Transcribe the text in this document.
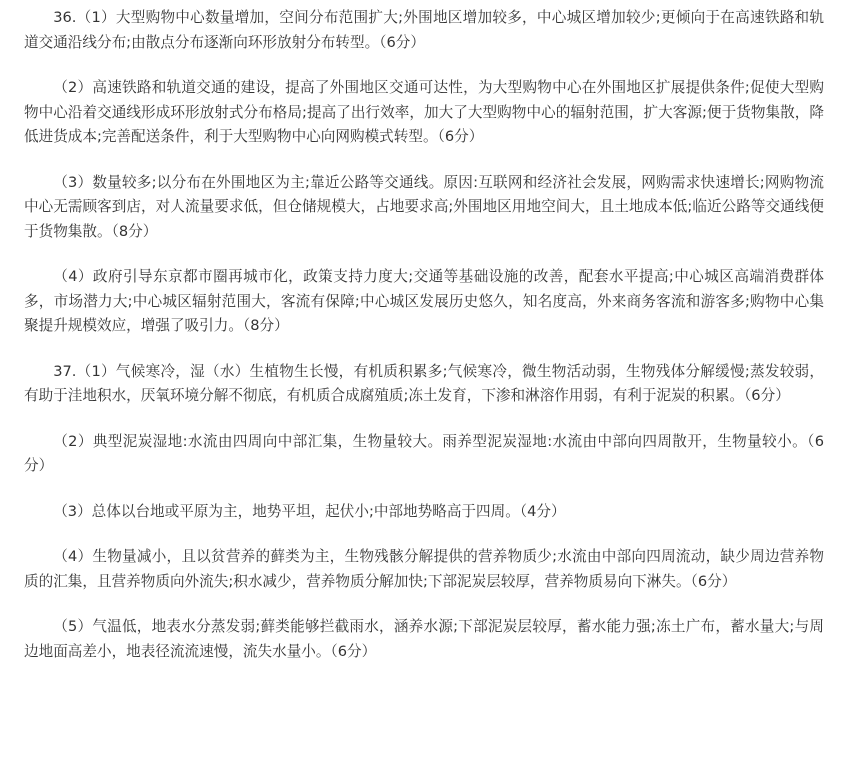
36.（1）大型购物中心数量增加，空间分布范围扩大;外围地区增加较多，中心城区增加较少;更倾向于在高速铁路和轨道交通沿线分布;由散点分布逐渐向环形放射分布转型。（6分）

（2）高速铁路和轨道交通的建设，提高了外围地区交通可达性，为大型购物中心在外围地区扩展提供条件;促使大型购物中心沿着交通线形成环形放射式分布格局;提高了出行效率，加大了大型购物中心的辐射范围，扩大客源;便于货物集散，降低进货成本;完善配送条件，利于大型购物中心向网购模式转型。（6分）

（3）数量较多;以分布在外围地区为主;靠近公路等交通线。原因:互联网和经济社会发展，网购需求快速增长;网购物流中心无需顾客到店，对人流量要求低，但仓储规模大，占地要求高;外围地区用地空间大，且土地成本低;临近公路等交通线便于货物集散。（8分）

（4）政府引导东京都市圈再城市化，政策支持力度大;交通等基础设施的改善，配套水平提高;中心城区高端消费群体多，市场潜力大;中心城区辐射范围大，客流有保障;中心城区发展历史悠久，知名度高，外来商务客流和游客多;购物中心集聚提升规模效应，增强了吸引力。（8分）

37.（1）气候寒冷，湿（水）生植物生长慢，有机质积累多;气候寒冷，微生物活动弱，生物残体分解缓慢;蒸发较弱，有助于洼地积水，厌氧环境分解不彻底，有机质合成腐殖质;冻土发育，下渗和淋溶作用弱，有利于泥炭的积累。（6分）

（2）典型泥炭湿地:水流由四周向中部汇集，生物量较大。雨养型泥炭湿地:水流由中部向四周散开，生物量较小。（6分）

（3）总体以台地或平原为主，地势平坦，起伏小;中部地势略高于四周。（4分）

（4）生物量减小，且以贫营养的藓类为主，生物残骸分解提供的营养物质少;水流由中部向四周流动，缺少周边营养物质的汇集，且营养物质向外流失;积水减少，营养物质分解加快;下部泥炭层较厚，营养物质易向下淋失。（6分）

（5）气温低，地表水分蒸发弱;藓类能够拦截雨水，涵养水源;下部泥炭层较厚，蓄水能力强;冻土广布，蓄水量大;与周边地面高差小，地表径流流速慢，流失水量小。（6分）
